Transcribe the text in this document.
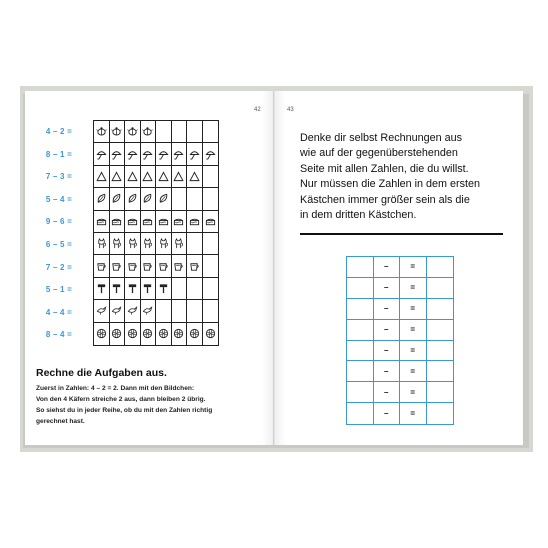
42	43
4 – 2 =
8 – 1 =
7 – 3 =
5 – 4 =
9 – 6 =
6 – 5 =
7 – 2 =
5 – 1 =
4 – 4 =
8 – 4 =
Rechne die Aufgaben aus.
Zuerst in Zahlen: 4 – 2 = 2. Dann mit den Bildchen:
Von den 4 Käfern streiche 2 aus, dann bleiben 2 übrig.
So siehst du in jeder Reihe, ob du mit den Zahlen richtig
gerechnet hast.
Denke dir selbst Rechnungen aus
wie auf der gegenüberstehenden
Seite mit allen Zahlen, die du willst.
Nur müssen die Zahlen in dem ersten
Kästchen immer größer sein als die
in dem dritten Kästchen.
–	=
–	=
–	=
–	=
–	=
–	=
–	=
–	=
